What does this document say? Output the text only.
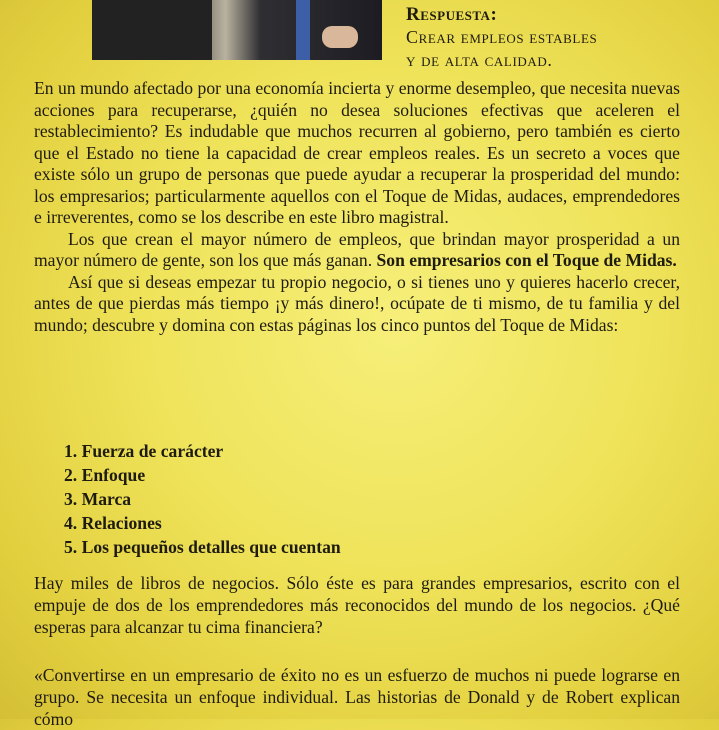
Respuesta:
Crear empleos estables
y de alta calidad.

En un mundo afectado por una economía incierta y enorme desempleo, que necesita nuevas acciones para recuperarse, ¿quién no desea soluciones efectivas que aceleren el restablecimiento? Es indudable que muchos recurren al gobierno, pero también es cierto que el Estado no tiene la capacidad de crear empleos reales. Es un secreto a voces que existe sólo un grupo de personas que puede ayudar a recuperar la prosperidad del mundo: los empresarios; particularmente aquellos con el Toque de Midas, audaces, emprendedores e irreverentes, como se los describe en este libro magistral.

Los que crean el mayor número de empleos, que brindan mayor prosperidad a un mayor número de gente, son los que más ganan. Son empresarios con el Toque de Midas.

Así que si deseas empezar tu propio negocio, o si tienes uno y quieres hacerlo crecer, antes de que pierdas más tiempo ¡y más dinero!, ocúpate de ti mismo, de tu familia y del mundo; descubre y domina con estas páginas los cinco puntos del Toque de Midas:

1. Fuerza de carácter
2. Enfoque
3. Marca
4. Relaciones
5. Los pequeños detalles que cuentan
Hay miles de libros de negocios. Sólo éste es para grandes empresarios, escrito con el empuje de dos de los emprendedores más reconocidos del mundo de los negocios. ¿Qué esperas para alcanzar tu cima financiera?
«Convertirse en un empresario de éxito no es un esfuerzo de muchos ni puede lograrse en grupo. Se necesita un enfoque individual. Las historias de Donald y de Robert explican cómo
